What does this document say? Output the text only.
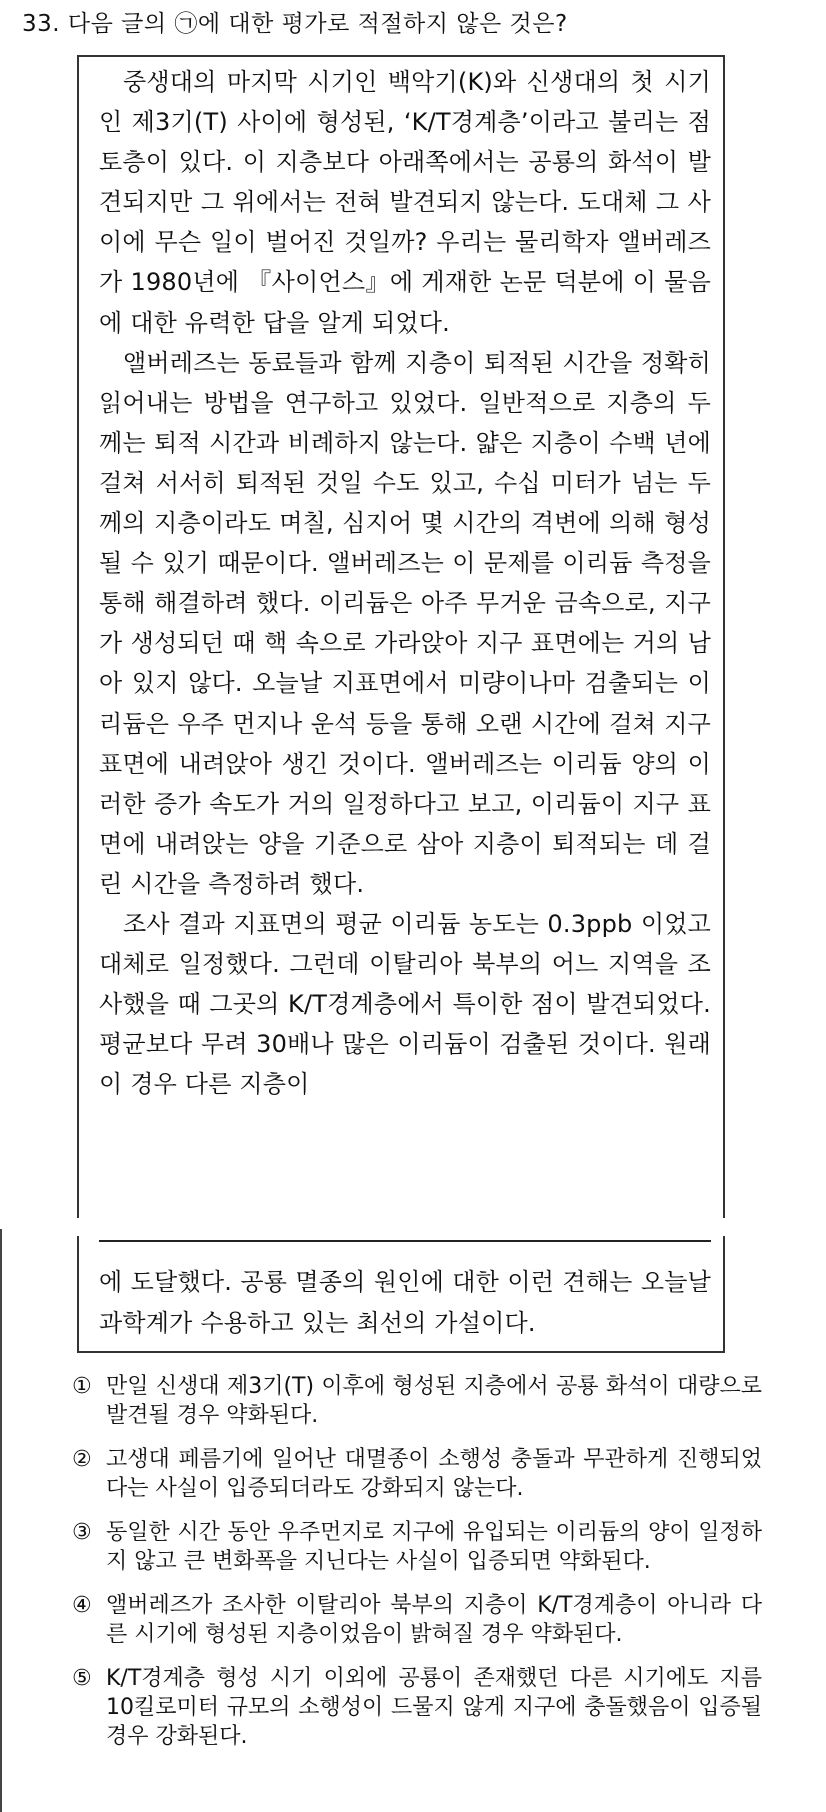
33. 다음 글의 ㉠에 대한 평가로 적절하지 않은 것은?

중생대의 마지막 시기인 백악기(K)와 신생대의 첫 시기인 제3기(T) 사이에 형성된, ‘K/T경계층’이라고 불리는 점토층이 있다. 이 지층보다 아래쪽에서는 공룡의 화석이 발견되지만 그 위에서는 전혀 발견되지 않는다. 도대체 그 사이에 무슨 일이 벌어진 것일까? 우리는 물리학자 앨버레즈가 1980년에 『사이언스』에 게재한 논문 덕분에 이 물음에 대한 유력한 답을 알게 되었다.

앨버레즈는 동료들과 함께 지층이 퇴적된 시간을 정확히 읽어내는 방법을 연구하고 있었다. 일반적으로 지층의 두께는 퇴적 시간과 비례하지 않는다. 얇은 지층이 수백 년에 걸쳐 서서히 퇴적된 것일 수도 있고, 수십 미터가 넘는 두께의 지층이라도 며칠, 심지어 몇 시간의 격변에 의해 형성될 수 있기 때문이다. 앨버레즈는 이 문제를 이리듐 측정을 통해 해결하려 했다. 이리듐은 아주 무거운 금속으로, 지구가 생성되던 때 핵 속으로 가라앉아 지구 표면에는 거의 남아 있지 않다. 오늘날 지표면에서 미량이나마 검출되는 이리듐은 우주 먼지나 운석 등을 통해 오랜 시간에 걸쳐 지구 표면에 내려앉아 생긴 것이다. 앨버레즈는 이리듐 양의 이러한 증가 속도가 거의 일정하다고 보고, 이리듐이 지구 표면에 내려앉는 양을 기준으로 삼아 지층이 퇴적되는 데 걸린 시간을 측정하려 했다.

조사 결과 지표면의 평균 이리듐 농도는 0.3ppb 이었고 대체로 일정했다. 그런데 이탈리아 북부의 어느 지역을 조사했을 때 그곳의 K/T경계층에서 특이한 점이 발견되었다. 평균보다 무려 30배나 많은 이리듐이 검출된 것이다. 원래 이 경우 다른 지층이

에 도달했다. 공룡 멸종의 원인에 대한 이런 견해는 오늘날 과학계가 수용하고 있는 최선의 가설이다.

① 만일 신생대 제3기(T) 이후에 형성된 지층에서 공룡 화석이 대량으로 발견될 경우 약화된다.
② 고생대 페름기에 일어난 대멸종이 소행성 충돌과 무관하게 진행되었다는 사실이 입증되더라도 강화되지 않는다.
③ 동일한 시간 동안 우주먼지로 지구에 유입되는 이리듐의 양이 일정하지 않고 큰 변화폭을 지닌다는 사실이 입증되면 약화된다.
④ 앨버레즈가 조사한 이탈리아 북부의 지층이 K/T경계층이 아니라 다른 시기에 형성된 지층이었음이 밝혀질 경우 약화된다.
⑤ K/T경계층 형성 시기 이외에 공룡이 존재했던 다른 시기에도 지름 10킬로미터 규모의 소행성이 드물지 않게 지구에 충돌했음이 입증될 경우 강화된다.
